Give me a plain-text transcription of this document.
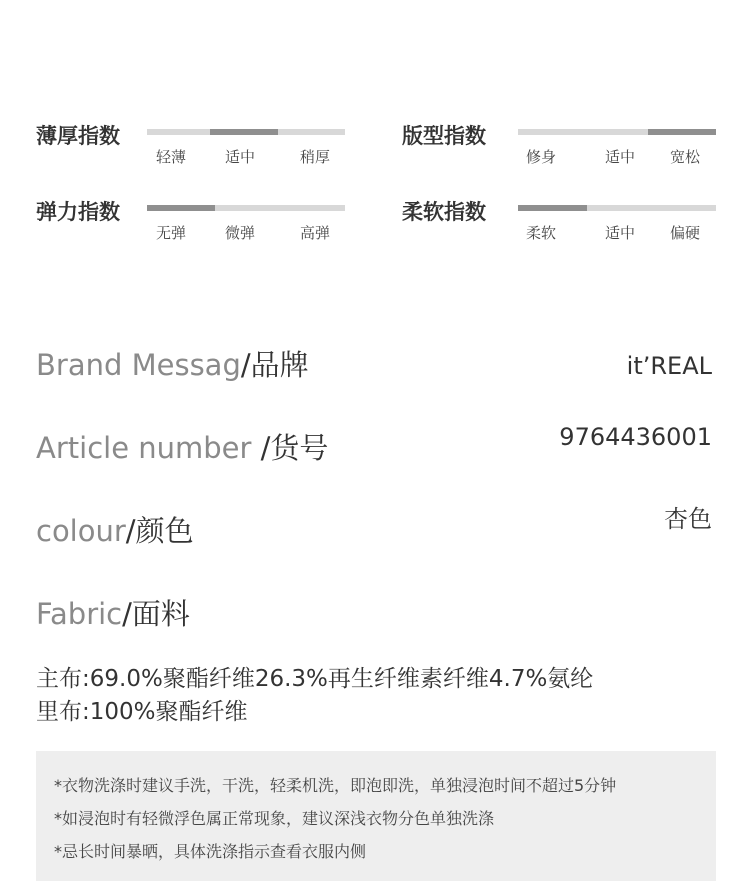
薄厚指数
轻薄	适中	稍厚
版型指数
修身	适中 宽松
弹力指数
无弹	微弹	高弹
柔软指数
柔软	适中 偏硬
Brand Messag/品牌	it’REAL
Article number /货号	9764436001
colour/颜色	杏色
Fabric/面料
主布:69.0%聚酯纤维26.3%再生纤维素纤维4.7%氨纶
里布:100%聚酯纤维
*衣物洗涤时建议手洗，干洗，轻柔机洗，即泡即洗，单独浸泡时间不超过5分钟
*如浸泡时有轻微浮色属正常现象，建议深浅衣物分色单独洗涤
*忌长时间暴晒，具体洗涤指示查看衣服内侧
